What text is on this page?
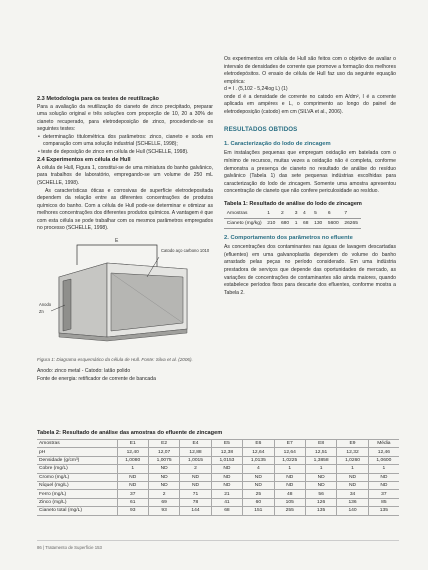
2.3 Metodologia para os testes de reutilização

Para a avaliação da reutilização do cianeto de zinco precipitado, preparar uma solução original e três soluções com proporção de 10, 20 a 30% de cianeto recuperado, para eletrodeposição de zinco, procedendo-se os seguintes testes:

• determinação titulométrica dos parâmetros: zinco, cianeto e soda em comparação com uma solução industrial (SCHELLE, 1998);

• teste de deposição de zinco em célula de Hull (SCHELLE, 1998).

2.4 Experimentos em célula de Hull

A célula de Hull, Figura 1, constitui-se de uma miniatura do banho galvânico, para trabalhos de laboratório, empregando-se um volume de 250 mL (SCHELLE, 1998).

As características óticas e corrosivas de superfície eletrodepositada dependem da relação entre as diferentes concentrações de produtos químicos do banho. Com a célula de Hull pode-se determinar e otimizar as melhores concentrações dos diferentes produtos químicos. A vantagem é que com esta célula se pode trabalhar com os mesmos parâmetros empregados no processo (SCHELLE, 1998).

E
Anodo Zn
Catodo aço carbono 1010

Figura 1: Diagrama esquemático da célula de Hull. Fonte: Silva et al. (2006).

Anodo: zinco metal - Catodo: latão polido

Fonte de energia: retificador de corrente de bancada

Os experimentos em célula de Hull são feitos com o objetivo de avaliar o intervalo de densidades de corrente que promove a formação dos melhores eletrodepósitos. O ensaio de célula de Hull faz uso da seguinte equação empírica:

d = I . (5,102 - 5,24log L) (1)

onde d é a densidade de corrente no catodo em A/dm², I é a corrente aplicada em ampères e L, o comprimento ao longo do painel de eletrodeposição (catodo) em cm (SILVA et al., 2006).

RESULTADOS OBTIDOS
1. Caracterização do lodo de zincagem

Em instalações pequenas que empregam oxidação em batelada com o mínimo de recursos, muitas vezes a oxidação não é completa, conforme demonstra a presença de cianeto no resultado de análise do resíduo galvânico (Tabela 1) das sete pequenas indústrias escolhidas para caracterização do lodo de zincagem. Somente uma amostra apresentou concentração de cianeto que não confere periculosidade ao resíduo.

Tabela 1: Resultado de análise do lodo de zincagem
Amostras	1	2	3	4	5	6	7
Cianeto (mg/kg)	210	680	1	68	130	5600	26265
2. Comportamento dos parâmetros no efluente

As concentrações dos contaminantes nas águas de lavagem descartadas (efluentes) em uma galvanoplastia dependem do volume do banho arrastado pelas peças no período considerado. Em uma indústria prestadora de serviços que depende das oportunidades de mercado, as variações de concentrações de contaminantes são ainda maiores, quando estabelece períodos fixos para descarte dos efluentes, conforme mostra a Tabela 2.

Tabela 2: Resultado de análise das amostras do efluente de zincagem
Amostras	E1	E2	E4	E5	E6	E7	E8	E9	Média
pH	12,40	12,07	12,88	12,38	12,64	12,64	12,51	12,32	12,46
Densidade (g/cm³)	1,0080	1,0075	1,0015	1,0153	1,0135	1,0225	1,3858	1,0260	1,0600
Cobre (mg/L)	1	ND	2	ND	4	1	1	1	1
Cromo (mg/L)	ND	ND	ND	ND	ND	ND	ND	ND	ND
Níquel (mg/L)	ND	ND	ND	ND	ND	ND	ND	ND	ND
Ferro (mg/L)	37	2	71	21	25	48	56	34	37
Zinco (mg/L)	61	69	78	41	60	105	126	136	85
Cianeto total (mg/L)	93	93	144	68	151	255	135	140	135
86 | Tratamento de Superfície 153
